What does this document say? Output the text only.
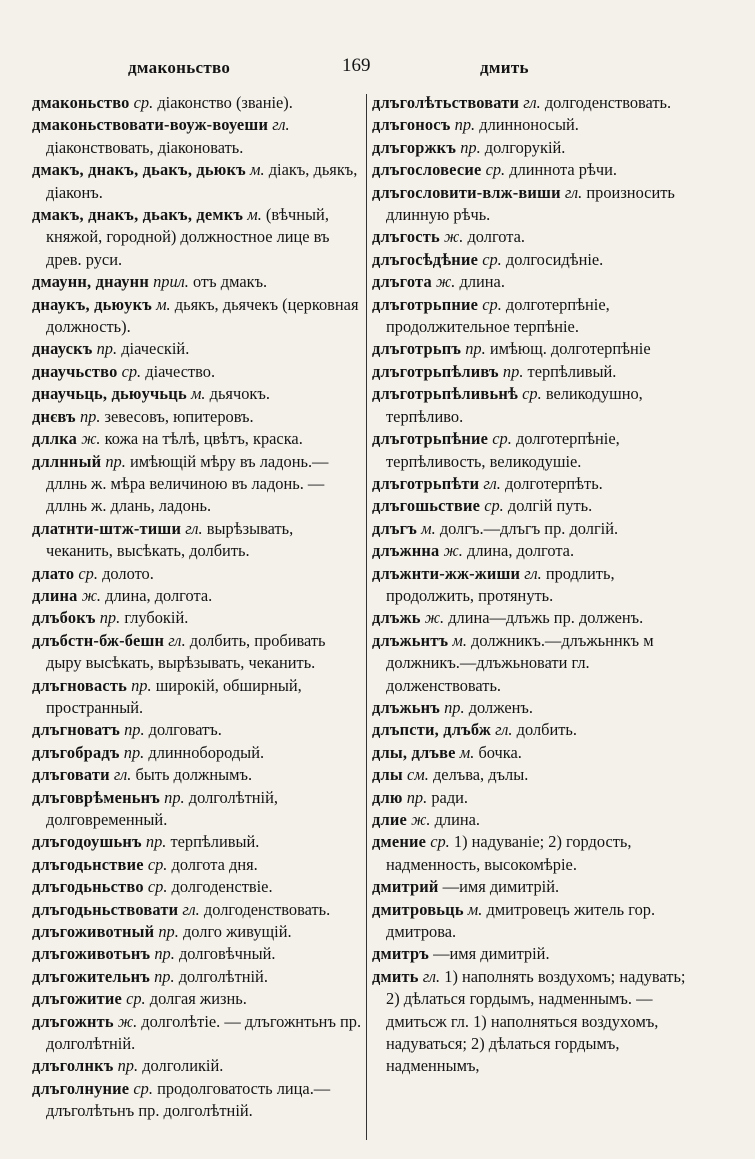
дмаконьство	169	дмить
дмаконьство ср. діаконство (званіе).
дмаконьствовати-воуж-воуеши гл. діаконствовать, діаконовать.
дмакъ, днакъ, дьакъ, дьюкъ м. діакъ, дьякъ, діаконъ.
дмакъ, днакъ, дьакъ, демкъ м. (вѣчный, княжой, городной) должностное лице въ древ. руси.
дмаунн, днаунн прил. отъ дмакъ.
днаукъ, дьюукъ м. дьякъ, дьячекъ (церковная должность).
днаускъ пр. діаческій.
днаучьство ср. діачество.
днаучьць, дьюучьць м. дьячокъ.
днєвъ пр. зевесовъ, юпитеровъ.
дллка ж. кожа на тѣлѣ, цвѣтъ, краска.
дллнный пр. имѣющій мѣру въ ладонь.—дллнь ж. мѣра величиною въ ладонь. — дллнь ж. длань, ладонь.
длатнти-штж-тиши гл. вырѣзывать, чеканить, высѣкать, долбить.
длато ср. долото.
длина ж. длина, долгота.
длъбокъ пр. глубокій.
длъбстн-бж-бешн гл. долбить, пробивать дыру высѣкать, вырѣзывать, чеканить.
длъгновасть пр. широкій, обширный, пространный.
длъгноватъ пр. долговатъ.
длъгобрадъ пр. длиннобородый.
длъговати гл. быть должнымъ.
длъговрѣменьнъ пр. долголѣтній, долговременный.
длъгодоушьнъ пр. терпѣливый.
длъгодьнствие ср. долгота дня.
длъгодьньство ср. долгоденствіе.
длъгодьньствовати гл. долгоденствовать.
длъгоживотный пр. долго живущій.
длъгоживотьнъ пр. долговѣчный.
длъгожительнъ пр. долголѣтній.
длъгожитие ср. долгая жизнь.
длъгожнть ж. долголѣтіе. — длъгожнтьнъ пр. долголѣтній.
длъголнкъ пр. долголикій.
длъголнуние ср. продолговатость лица.—длъголѣтьнъ пр. долголѣтній.
длъголѣтьствовати гл. долгоденствовать.
длъгоносъ пр. длинноносый.
длъгоржкъ пр. долгорукій.
длъгословесие ср. длиннота рѣчи.
длъгословити-влж-виши гл. произносить длинную рѣчь.
длъгость ж. долгота.
длъгосѣдѣние ср. долгосидѣніе.
длъгота ж. длина.
длъготрьпние ср. долготерпѣніе, продолжительное терпѣніе.
длъготрьпъ пр. имѣющ. долготерпѣніе
длъготрьпѣливъ пр. терпѣливый.
длъготрьпѣливьнѣ ср. великодушно, терпѣливо.
длъготрьпѣние ср. долготерпѣніе, терпѣливость, великодушіе.
длъготрьпѣти гл. долготерпѣть.
длъгошьствие ср. долгій путь.
длъгъ м. долгъ.—длъгъ пр. долгій.
длъжнна ж. длина, долгота.
длъжнти-жж-жиши гл. продлить, продолжить, протянуть.
длъжь ж. длина—длъжь пр. долженъ.
длъжьнтъ м. должникъ.—длъжьннкъ м должникъ.—длъжьновати гл. долженствовать.
длъжьнъ пр. долженъ.
длъпсти, длъбж гл. долбить.
длы, длъве м. бочка.
длы см. делъва, дълы.
длю пр. ради.
длие ж. длина.
дмение ср. 1) надуваніе; 2) гордость, надменность, высокомѣріе.
дмитрий —имя димитрій.
дмитровьць м. дмитровецъ житель гор. дмитрова.
дмитръ —имя димитрій.
дмить гл. 1) наполнять воздухомъ; надувать; 2) дѣлаться гордымъ, надменнымъ. — дмитьсж гл. 1) наполняться воздухомъ, надуваться; 2) дѣлаться гордымъ, надменнымъ,
